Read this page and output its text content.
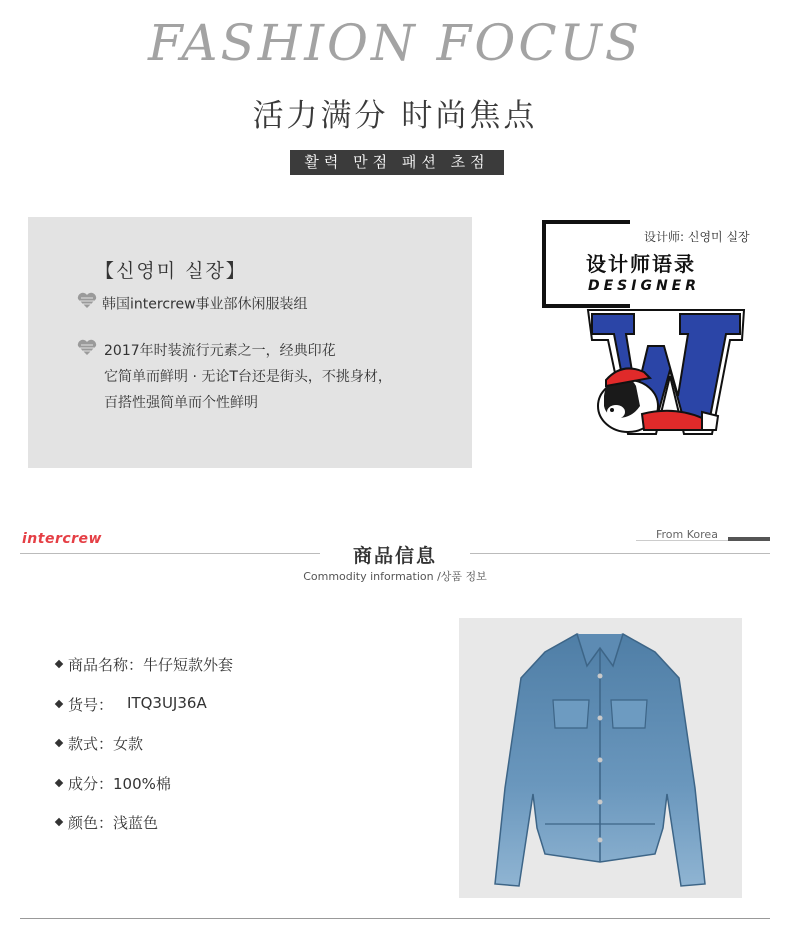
FASHION FOCUS
活力满分 时尚焦点
활력 만점 패션 초점
【신영미 실장】
韩国intercrew事业部休闲服装组
2017年时装流行元素之一，经典印花
它简单而鲜明 · 无论T台还是街头，不挑身材，
百搭性强简单而个性鲜明
设计师: 신영미 실장
设计师语录
DESIGNER
intercrew	From Korea
商品信息
Commodity information /상품 정보
商品名称： 牛仔短款外套
货号： ITQ3UJ36A
款式： 女款
成分： 100%棉
颜色： 浅蓝色
